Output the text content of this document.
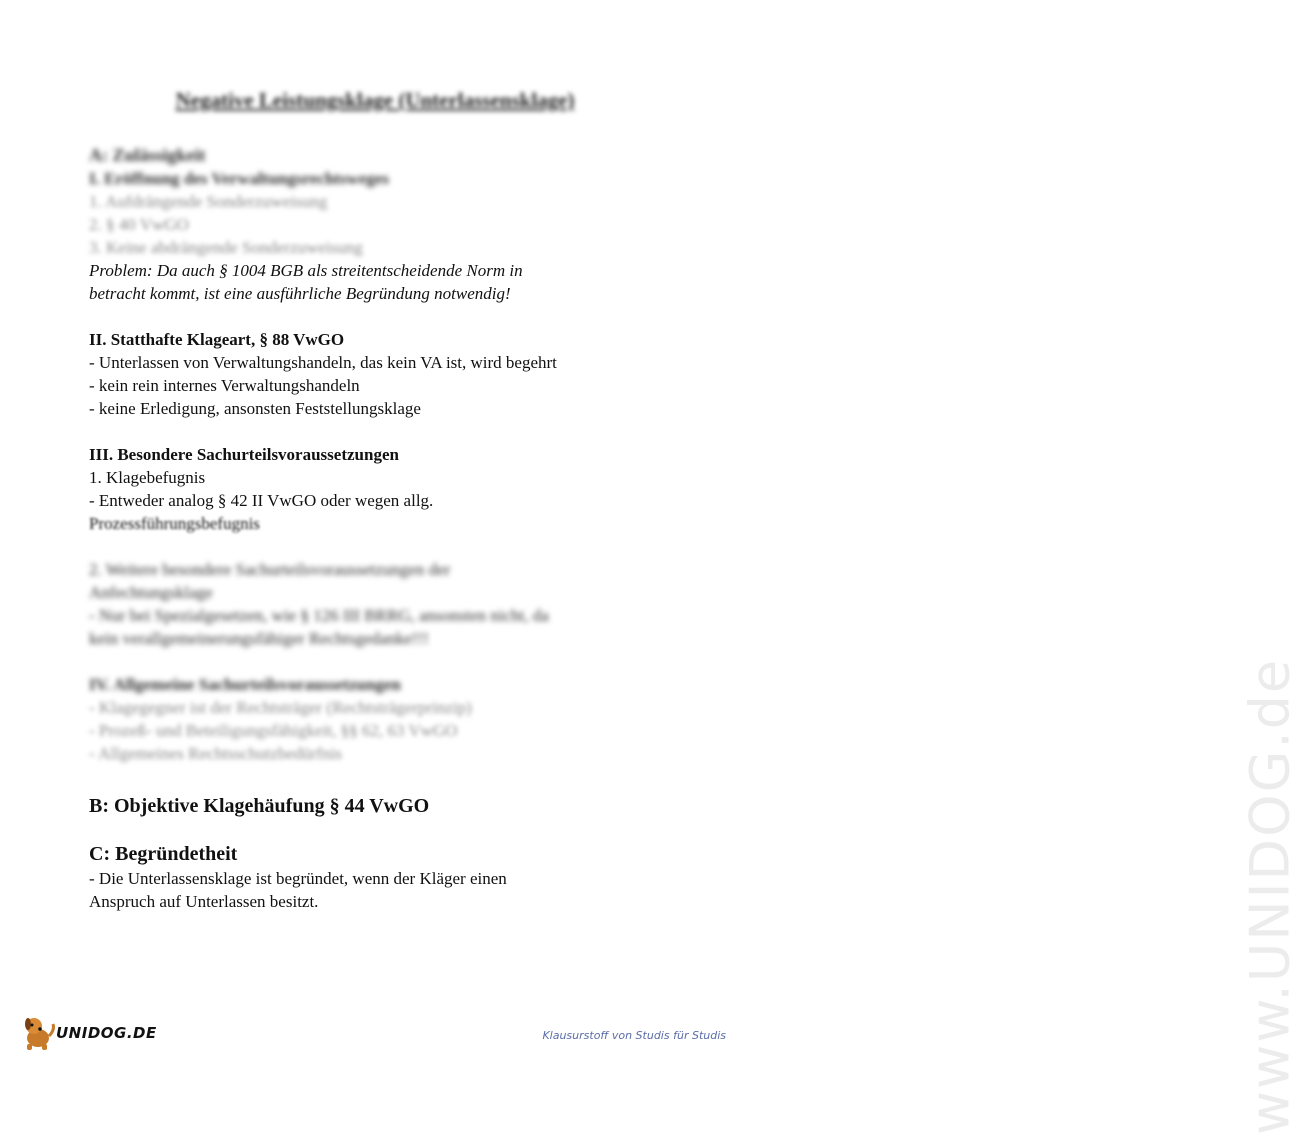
www.UNIDOG.de
Negative Leistungsklage (Unterlassensklage)
A: Zulässigkeit
I. Eröffnung des Verwaltungsrechtsweges
1. Aufdrängende Sonderzuweisung
2. § 40 VwGO
3. Keine abdrängende Sonderzuweisung
Problem: Da auch § 1004 BGB als streitentscheidende Norm in
betracht kommt, ist eine ausführliche Begründung notwendig!
II. Statthafte Klageart, § 88 VwGO
- Unterlassen von Verwaltungshandeln, das kein VA ist, wird begehrt
- kein rein internes Verwaltungshandeln
- keine Erledigung, ansonsten Feststellungsklage
III. Besondere Sachurteilsvoraussetzungen
1. Klagebefugnis
- Entweder analog § 42 II VwGO oder wegen allg.
Prozessführungsbefugnis
2. Weitere besondere Sachurteilsvoraussetzungen der
Anfechtungsklage
- Nur bei Spezialgesetzen, wie § 126 III BRRG, ansonsten nicht, da
kein verallgemeinerungsfähiger Rechtsgedanke!!!
IV. Allgemeine Sachurteilsvoraussetzungen
- Klagegegner ist der Rechtsträger (Rechtsträgerprinzip)
- Prozeß- und Beteiligungsfähigkeit, §§ 62, 63 VwGO
- Allgemeines Rechtsschutzbedürfnis
B: Objektive Klagehäufung § 44 VwGO
C: Begründetheit
- Die Unterlassensklage ist begründet, wenn der Kläger einen
Anspruch auf Unterlassen besitzt.
UNIDOG.DE	Klausurstoff von Studis für Studis
